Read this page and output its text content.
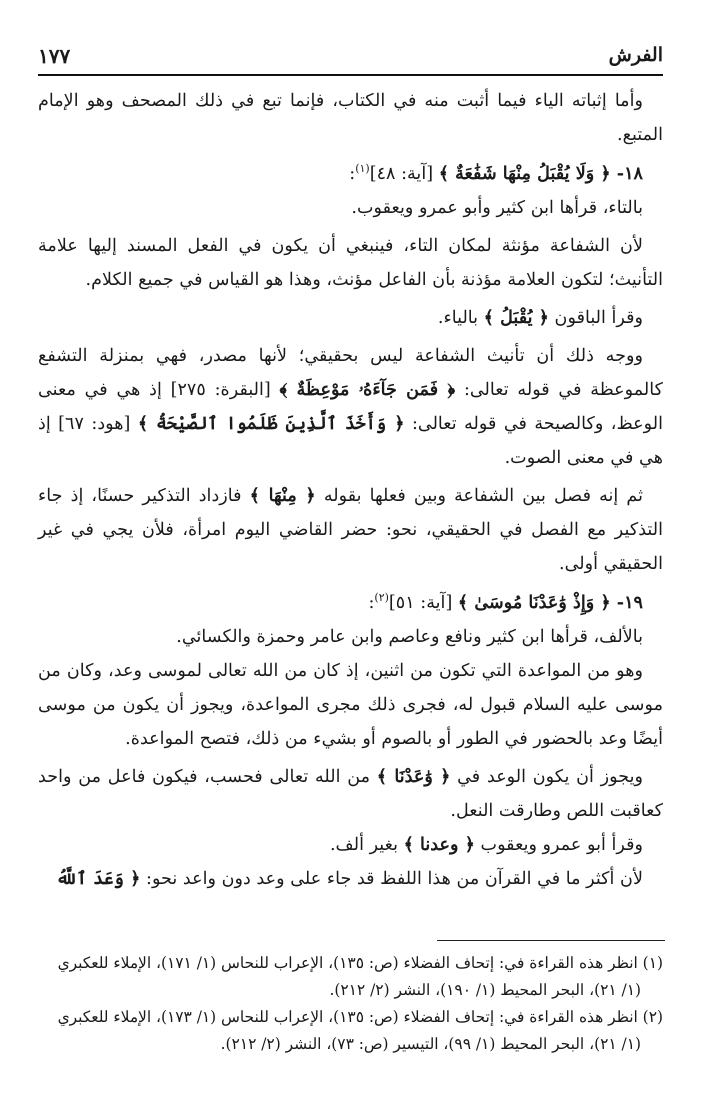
الفرش
١٧٧

وأما إثباته الياء فيما أثبت منه في الكتاب، فإنما تبع في ذلك المصحف وهو الإمام المتبع.

١٨- ﴿ وَلَا يُقْبَلُ مِنْهَا شَفَٰعَةٌ ﴾ [آية: ٤٨]$^{(١)}$:

بالتاء، قرأها ابن كثير وأبو عمرو ويعقوب.

لأن الشفاعة مؤنثة لمكان التاء، فينبغي أن يكون في الفعل المسند إليها علامة التأنيث؛ لتكون العلامة مؤذنة بأن الفاعل مؤنث، وهذا هو القياس في جميع الكلام.

وقرأ الباقون ﴿ يُقْبَلُ ﴾ بالياء.

ووجه ذلك أن تأنيث الشفاعة ليس بحقيقي؛ لأنها مصدر، فهي بمنزلة التشفع كالموعظة في قوله تعالى: ﴿ فَمَن جَآءَهُۥ مَوْعِظَةٌ ﴾ [البقرة: ٢٧٥] إذ هي في معنى الوعظ، وكالصيحة في قوله تعالى: ﴿ وَأَخَذَ ٱلَّذِينَ ظَلَمُوا ٱلصَّيْحَةُ ﴾ [هود: ٦٧] إذ هي في معنى الصوت.

ثم إنه فصل بين الشفاعة وبين فعلها بقوله ﴿ مِنْهَا ﴾ فازداد التذكير حسنًا، إذ جاء التذكير مع الفصل في الحقيقي، نحو: حضر القاضي اليوم امرأة، فلأن يجي في غير الحقيقي أولى.

١٩- ﴿ وَإِذْ وَٰعَدْنَا مُوسَىٰ ﴾ [آية: ٥١]$^{(٢)}$:

بالألف، قرأها ابن كثير ونافع وعاصم وابن عامر وحمزة والكسائي.

وهو من المواعدة التي تكون من اثنين، إذ كان من الله تعالى لموسى وعد، وكان من موسى عليه السلام قبول له، فجرى ذلك مجرى المواعدة، ويجوز أن يكون من موسى أيضًا وعد بالحضور في الطور أو بالصوم أو بشيء من ذلك، فتصح المواعدة.

ويجوز أن يكون الوعد في ﴿ وَٰعَدْنَا ﴾ من الله تعالى فحسب، فيكون فاعل من واحد كعاقبت اللص وطارقت النعل.

وقرأ أبو عمرو ويعقوب ﴿ وعدنا ﴾ بغير ألف.

لأن أكثر ما في القرآن من هذا اللفظ قد جاء على وعد دون واعد نحو: ﴿ وَعَدَ ٱللَّهُ

(١) انظر هذه القراءة في: إتحاف الفضلاء (ص: ١٣٥)، الإعراب للنحاس (١/ ١٧١)، الإملاء للعكبري

(١/ ٢١)، البحر المحيط (١/ ١٩٠)، النشر (٢/ ٢١٢).

(٢) انظر هذه القراءة في: إتحاف الفضلاء (ص: ١٣٥)، الإعراب للنحاس (١/ ١٧٣)، الإملاء للعكبري

(١/ ٢١)، البحر المحيط (١/ ٩٩)، التيسير (ص: ٧٣)، النشر (٢/ ٢١٢).
